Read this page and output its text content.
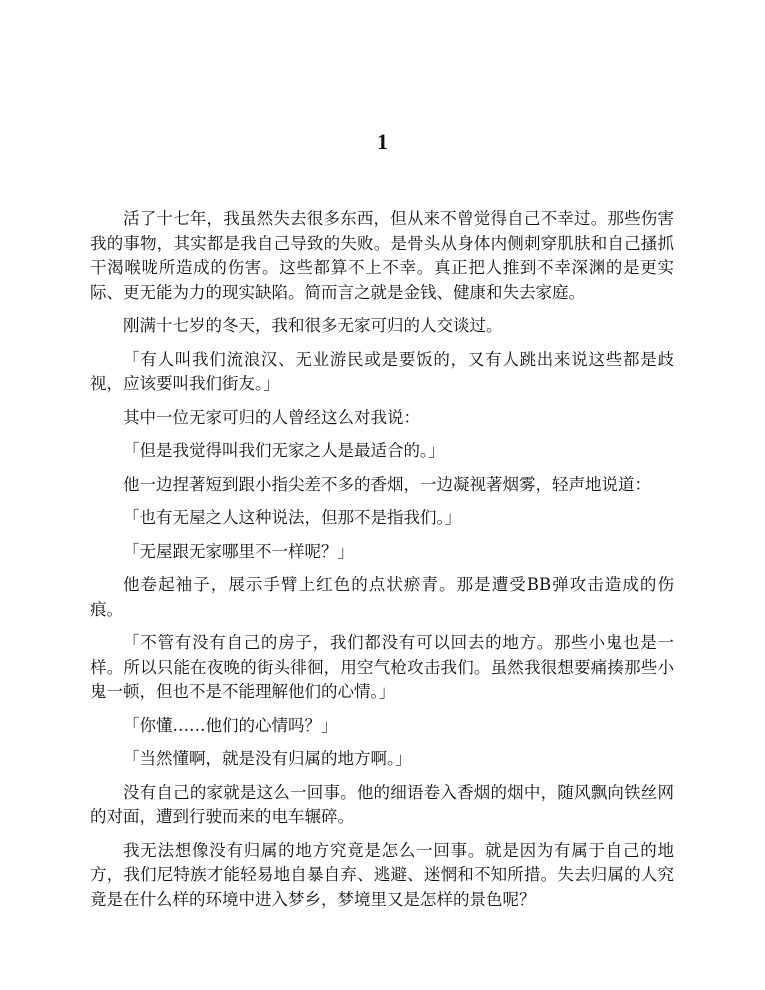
1

活了十七年，我虽然失去很多东西，但从来不曾觉得自己不幸过。那些伤害我的事物，其实都是我自己导致的失败。是骨头从身体内侧刺穿肌肤和自己搔抓干渴喉咙所造成的伤害。这些都算不上不幸。真正把人推到不幸深渊的是更实际、更无能为力的现实缺陷。简而言之就是金钱、健康和失去家庭。

刚满十七岁的冬天，我和很多无家可归的人交谈过。

「有人叫我们流浪汉、无业游民或是要饭的，又有人跳出来说这些都是歧视，应该要叫我们街友。」

其中一位无家可归的人曾经这么对我说：

「但是我觉得叫我们无家之人是最适合的。」

他一边捏著短到跟小指尖差不多的香烟，一边凝视著烟雾，轻声地说道：

「也有无屋之人这种说法，但那不是指我们。」

「无屋跟无家哪里不一样呢？」

他卷起袖子，展示手臂上红色的点状瘀青。那是遭受BB弹攻击造成的伤痕。

「不管有没有自己的房子，我们都没有可以回去的地方。那些小鬼也是一样。所以只能在夜晚的街头徘徊，用空气枪攻击我们。虽然我很想要痛揍那些小鬼一顿，但也不是不能理解他们的心情。」

「你懂……他们的心情吗？」

「当然懂啊，就是没有归属的地方啊。」

没有自己的家就是这么一回事。他的细语卷入香烟的烟中，随风飘向铁丝网的对面，遭到行驶而来的电车辗碎。

我无法想像没有归属的地方究竟是怎么一回事。就是因为有属于自己的地方，我们尼特族才能轻易地自暴自弃、逃避、迷惘和不知所措。失去归属的人究竟是在什么样的环境中进入梦乡，梦境里又是怎样的景色呢？
